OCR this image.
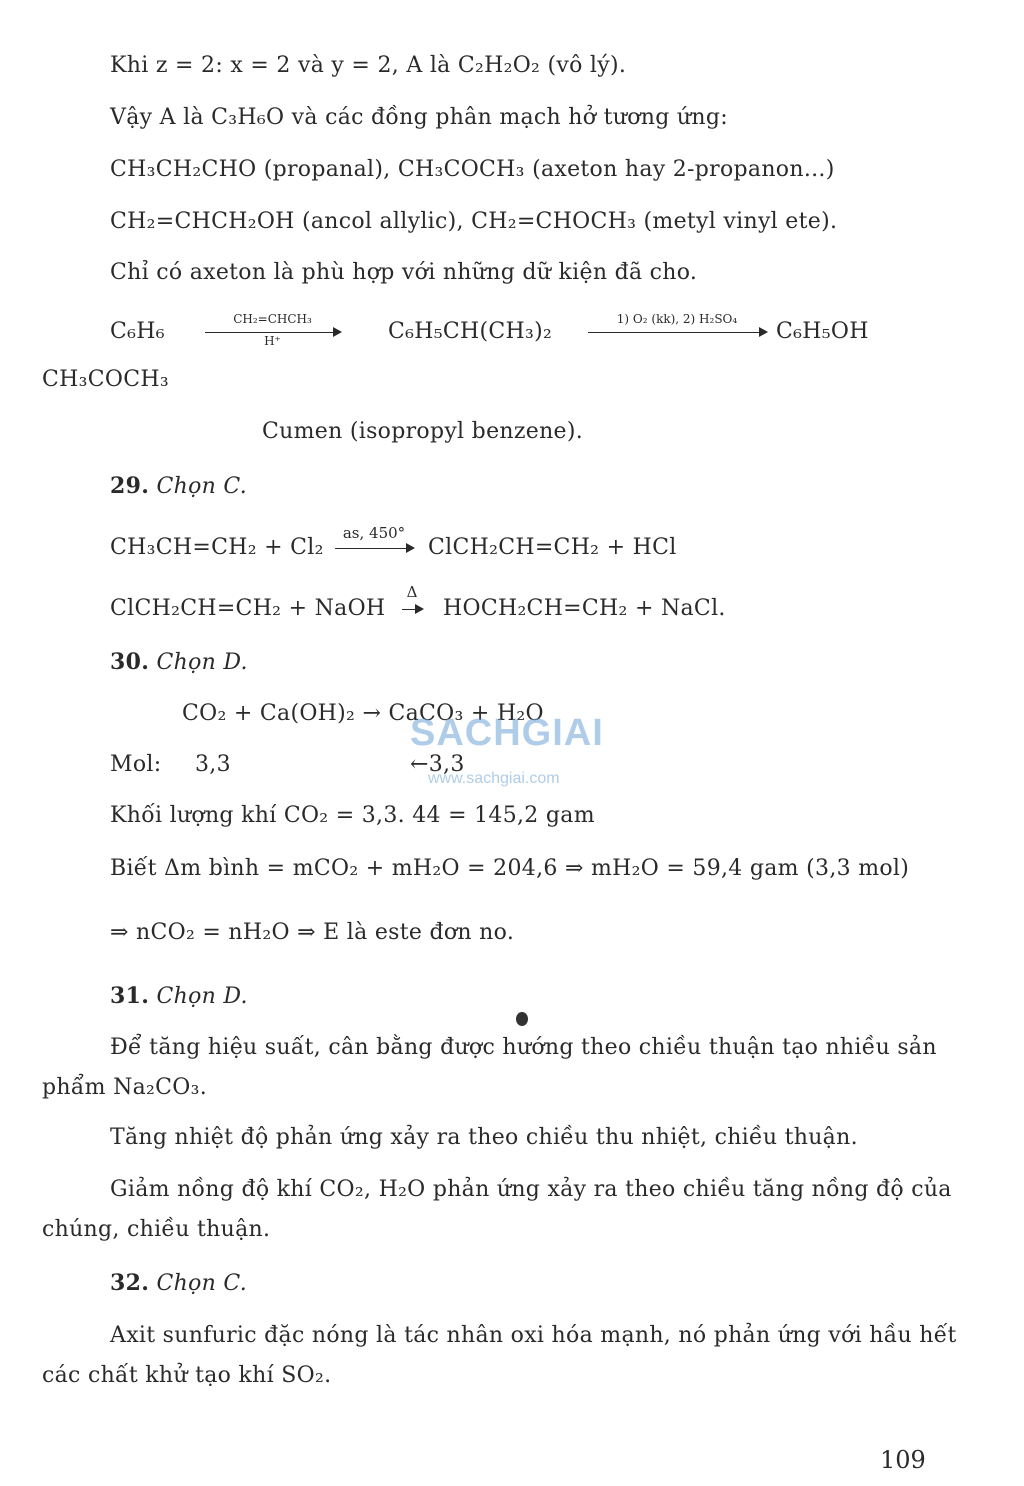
Khi z = 2: x = 2 và y = 2, A là C₂H₂O₂ (vô lý).
Vậy A là C₃H₆O và các đồng phân mạch hở tương ứng:
CH₃CH₂CHO (propanal), CH₃COCH₃ (axeton hay 2-propanon...)
CH₂=CHCH₂OH (ancol allylic), CH₂=CHOCH₃ (metyl vinyl ete).
Chỉ có axeton là phù hợp với những dữ kiện đã cho.
C₆H₆	CH₂=CHCH₃
H⁺	C₆H₅CH(CH₃)₂	1) O₂ (kk), 2) H₂SO₄	C₆H₅OH
CH₃COCH₃
Cumen (isopropyl benzene).
29. Chọn C.
CH₃CH=CH₂ + Cl₂
as, 450°
ClCH₂CH=CH₂ + HCl
ClCH₂CH=CH₂ + NaOH
Δ
HOCH₂CH=CH₂ + NaCl.
30. Chọn D.
CO₂ + Ca(OH)₂ → CaCO₃ + H₂O
Mol: 3,3	←3,3
Khối lượng khí CO₂ = 3,3. 44 = 145,2 gam
Biết Δm bình = mCO₂ + mH₂O = 204,6 ⇒ mH₂O = 59,4 gam (3,3 mol)
⇒ nCO₂ = nH₂O ⇒ E là este đơn no.
31. Chọn D.
Để tăng hiệu suất, cân bằng được hướng theo chiều thuận tạo nhiều sản
phẩm Na₂CO₃.
Tăng nhiệt độ phản ứng xảy ra theo chiều thu nhiệt, chiều thuận.
Giảm nồng độ khí CO₂, H₂O phản ứng xảy ra theo chiều tăng nồng độ của
chúng, chiều thuận.
32. Chọn C.
Axit sunfuric đặc nóng là tác nhân oxi hóa mạnh, nó phản ứng với hầu hết
các chất khử tạo khí SO₂.
SACHGIAI
www.sachgiai.com
109
